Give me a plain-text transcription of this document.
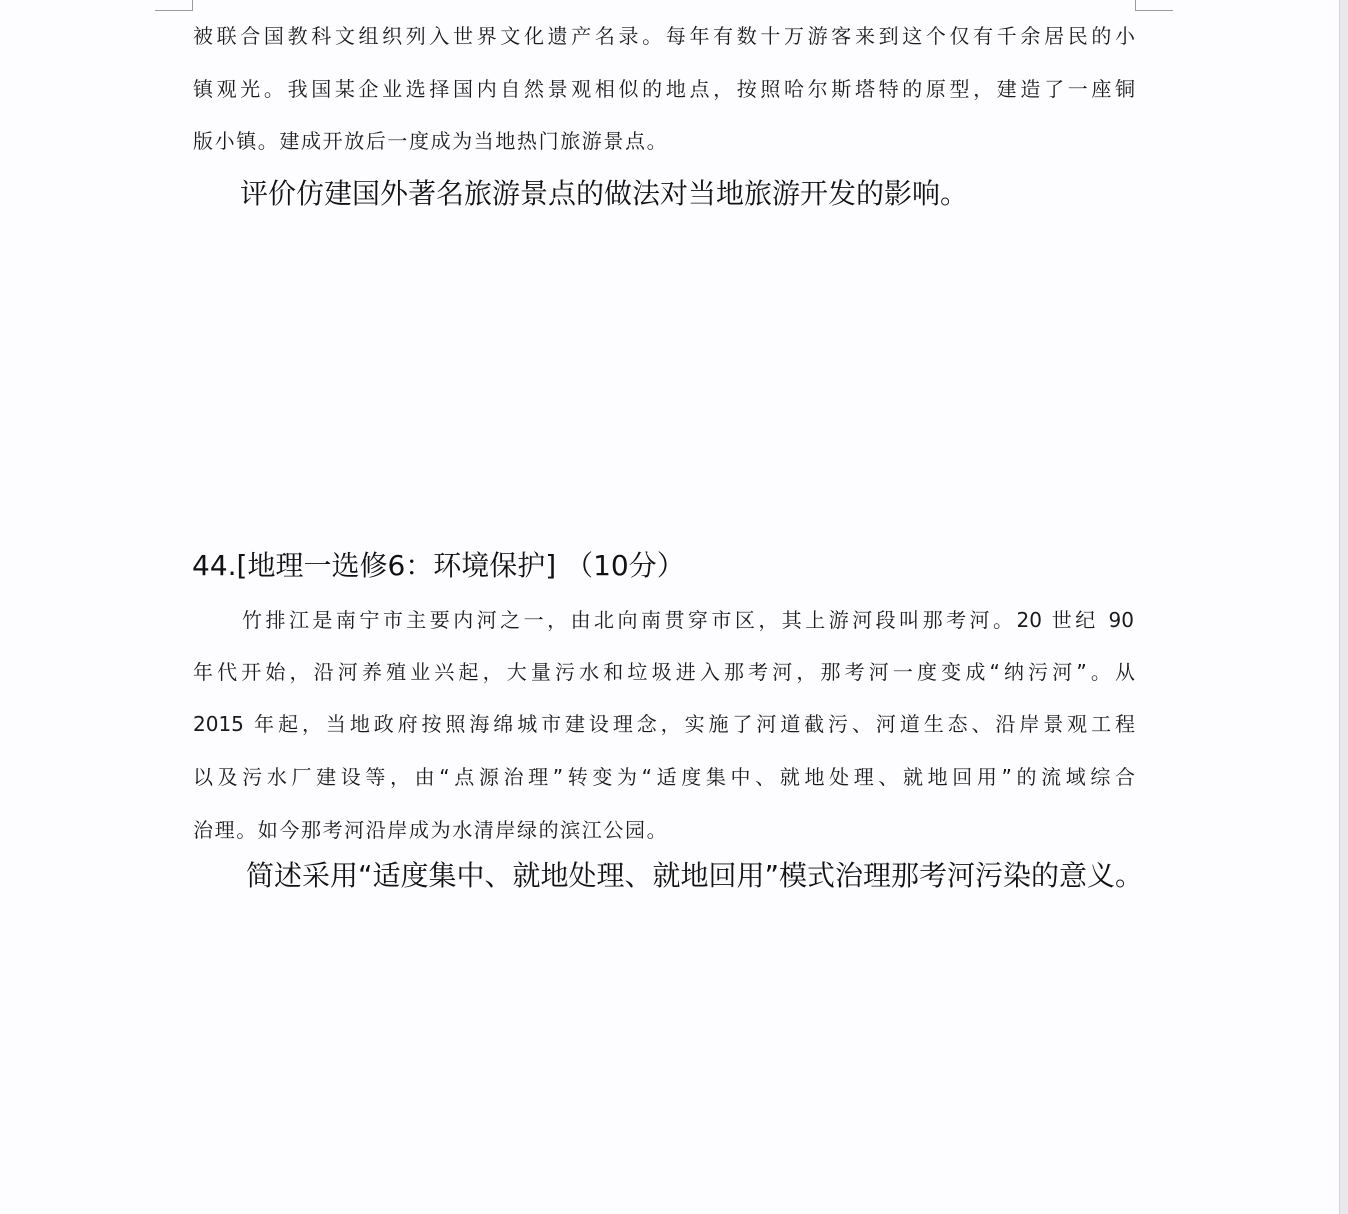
被联合国教科文组织列入世界文化遗产名录。每年有数十万游客来到这个仅有千余居民的小
镇观光。我国某企业选择国内自然景观相似的地点，按照哈尔斯塔特的原型，建造了一座铜
版小镇。建成开放后一度成为当地热门旅游景点。
评价仿建国外著名旅游景点的做法对当地旅游开发的影响。
44.[地理一选修6：环境保护] （10分）
竹排江是南宁市主要内河之一，由北向南贯穿市区，其上游河段叫那考河。20 世纪 90
年代开始，沿河养殖业兴起，大量污水和垃圾进入那考河，那考河一度变成“纳污河”。从
2015 年起，当地政府按照海绵城市建设理念，实施了河道截污、河道生态、沿岸景观工程
以及污水厂建设等，由“点源治理”转变为“适度集中、就地处理、就地回用”的流域综合
治理。如今那考河沿岸成为水清岸绿的滨江公园。
简述采用“适度集中、就地处理、就地回用”模式治理那考河污染的意义。
